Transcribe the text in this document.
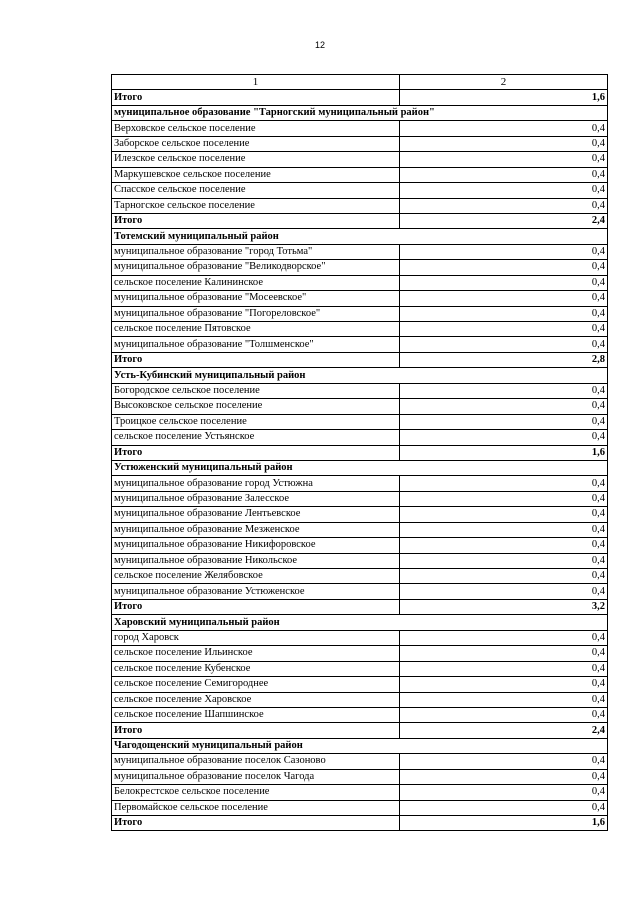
12
1	2
Итого	1,6
муниципальное образование "Тарногский муниципальный район"	
Верховское сельское поселение	0,4
Заборское сельское поселение	0,4
Илезское сельское поселение	0,4
Маркушевское сельское поселение	0,4
Спасское сельское поселение	0,4
Тарногское сельское поселение	0,4
Итого	2,4
Тотемский муниципальный район	
муниципальное образование "город Тотьма"	0,4
муниципальное образование "Великодворское"	0,4
сельское поселение Калининское	0,4
муниципальное образование "Мосеевское"	0,4
муниципальное образование "Погореловское"	0,4
сельское поселение Пятовское	0,4
муниципальное образование "Толшменское"	0,4
Итого	2,8
Усть-Кубинский муниципальный район	
Богородское сельское поселение	0,4
Высоковское сельское поселение	0,4
Троицкое сельское поселение	0,4
сельское поселение Устьянское	0,4
Итого	1,6
Устюженский муниципальный район	
муниципальное образование город Устюжна	0,4
муниципальное образование Залесское	0,4
муниципальное образование Лентьевское	0,4
муниципальное образование Мезженское	0,4
муниципальное образование Никифоровское	0,4
муниципальное образование Никольское	0,4
сельское поселение Желябовское	0,4
муниципальное образование Устюженское	0,4
Итого	3,2
Харовский муниципальный район	
город Харовск	0,4
сельское поселение Ильинское	0,4
сельское поселение Кубенское	0,4
сельское поселение Семигороднее	0,4
сельское поселение Харовское	0,4
сельское поселение Шапшинское	0,4
Итого	2,4
Чагодощенский муниципальный район	
муниципальное образование поселок Сазоново	0,4
муниципальное образование поселок Чагода	0,4
Белокрестское сельское поселение	0,4
Первомайское сельское поселение	0,4
Итого	1,6
